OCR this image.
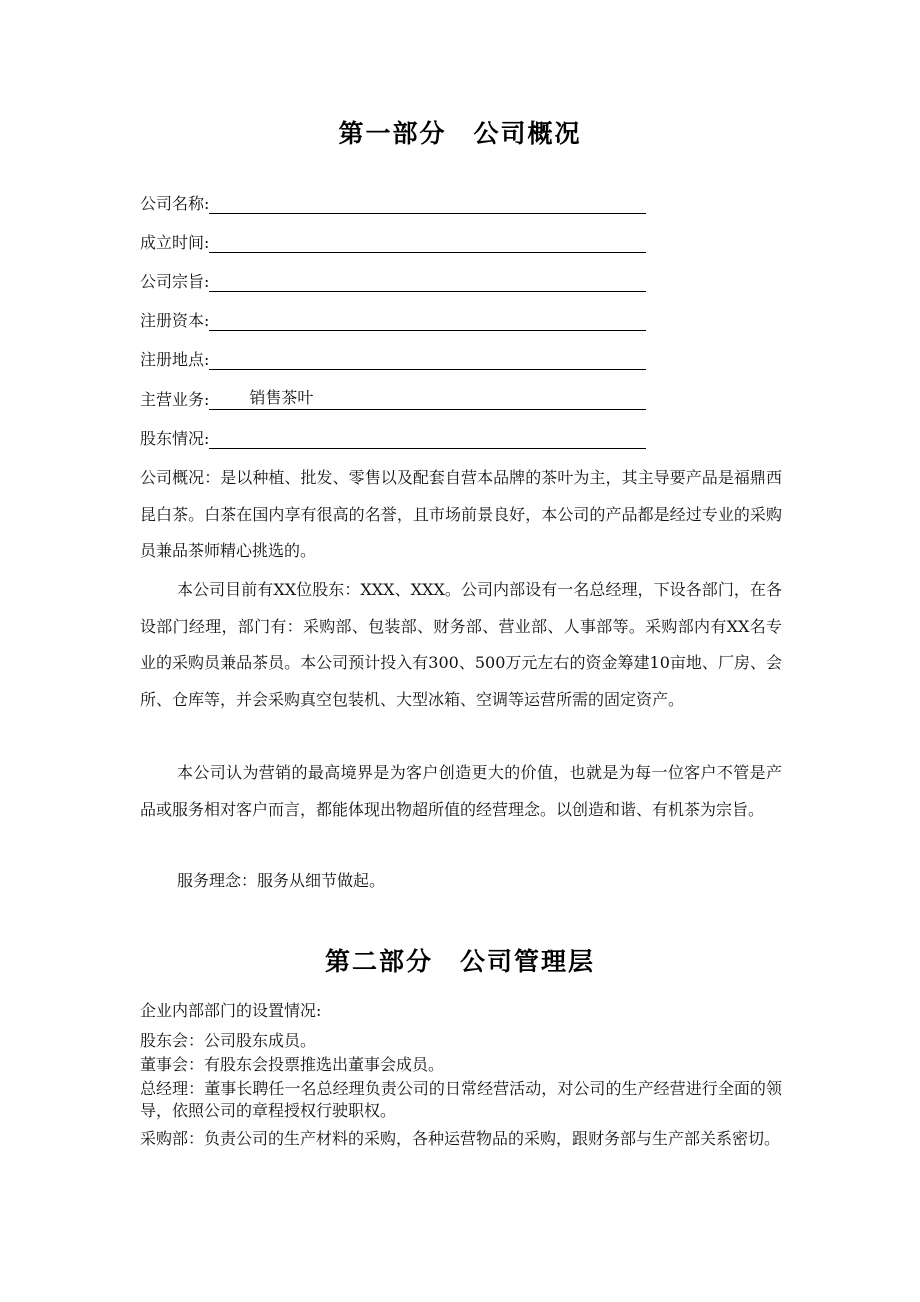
第一部分　公司概况
公司名称:
成立时间:
公司宗旨:
注册资本:
注册地点:
主营业务:	销售茶叶
股东情况:

公司概况：是以种植、批发、零售以及配套自营本品牌的茶叶为主，其主导要产品是福鼎西昆白茶。白茶在国内享有很高的名誉，且市场前景良好，本公司的产品都是经过专业的采购员兼品茶师精心挑选的。

本公司目前有XX位股东：XXX、XXX。公司内部设有一名总经理，下设各部门，在各设部门经理，部门有：采购部、包装部、财务部、营业部、人事部等。采购部内有XX名专业的采购员兼品茶员。本公司预计投入有300、500万元左右的资金筹建10亩地、厂房、会所、仓库等，并会采购真空包装机、大型冰箱、空调等运营所需的固定资产。

本公司认为营销的最高境界是为客户创造更大的价值，也就是为每一位客户不管是产品或服务相对客户而言，都能体现出物超所值的经营理念。以创造和谐、有机茶为宗旨。

服务理念：服务从细节做起。

第二部分　公司管理层

企业内部部门的设置情况:

股东会：公司股东成员。

董事会：有股东会投票推选出董事会成员。

总经理：董事长聘任一名总经理负责公司的日常经营活动，对公司的生产经营进行全面的领导，依照公司的章程授权行驶职权。

采购部：负责公司的生产材料的采购，各种运营物品的采购，跟财务部与生产部关系密切。
